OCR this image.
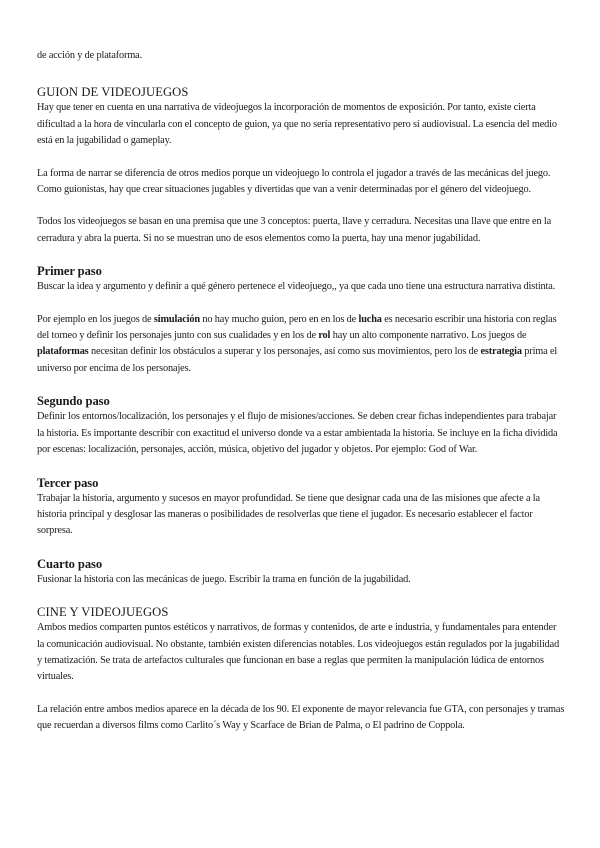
de acción y de plataforma.

GUION DE VIDEOJUEGOS

Hay que tener en cuenta en una narrativa de videojuegos la incorporación de momentos de exposición. Por tanto, existe cierta dificultad a la hora de vincularla con el concepto de guion, ya que no sería representativo pero sí audiovisual. La esencia del medio está en la jugabilidad o gameplay.

La forma de narrar se diferencia de otros medios porque un videojuego lo controla el jugador a través de las mecánicas del juego. Como guionistas, hay que crear situaciones jugables y divertidas que van a venir determinadas por el género del videojuego.

Todos los videojuegos se basan en una premisa que une 3 conceptos: puerta, llave y cerradura. Necesitas una llave que entre en la cerradura y abra la puerta. Si no se muestran uno de esos elementos como la puerta, hay una menor jugabilidad.

Primer paso

Buscar la idea y argumento y definir a qué género pertenece el videojuego,, ya que cada uno tiene una estructura narrativa distinta.

Por ejemplo en los juegos de simulación no hay mucho guion, pero en en los de lucha es necesario escribir una historia con reglas del torneo y definir los personajes junto con sus cualidades y en los de rol hay un alto componente narrativo. Los juegos de plataformas necesitan definir los obstáculos a superar y los personajes, así como sus movimientos, pero los de estrategia prima el universo por encima de los personajes.

Segundo paso

Definir los entornos/localización, los personajes y el flujo de misiones/acciones. Se deben crear fichas independientes para trabajar la historia. Es importante describir con exactitud el universo donde va a estar ambientada la historia. Se incluye en la ficha dividida por escenas: localización, personajes, acción, música, objetivo del jugador y objetos. Por ejemplo: God of War.

Tercer paso

Trabajar la historia, argumento y sucesos en mayor profundidad. Se tiene que designar cada una de las misiones que afecte a la historia principal y desglosar las maneras o posibilidades de resolverlas que tiene el jugador. Es necesario establecer el factor sorpresa.

Cuarto paso

Fusionar la historia con las mecánicas de juego. Escribir la trama en función de la jugabilidad.

CINE Y VIDEOJUEGOS

Ambos medios comparten puntos estéticos y narrativos, de formas y contenidos, de arte e industria, y fundamentales para entender la comunicación audiovisual. No obstante, también existen diferencias notables. Los videojuegos están regulados por la jugabilidad y tematización. Se trata de artefactos culturales que funcionan en base a reglas que permiten la manipulación lúdica de entornos virtuales.

La relación entre ambos medios aparece en la década de los 90. El exponente de mayor relevancia fue GTA, con personajes y tramas que recuerdan a diversos films como Carlito´s Way y Scarface de Brian de Palma, o El padrino de Coppola.
